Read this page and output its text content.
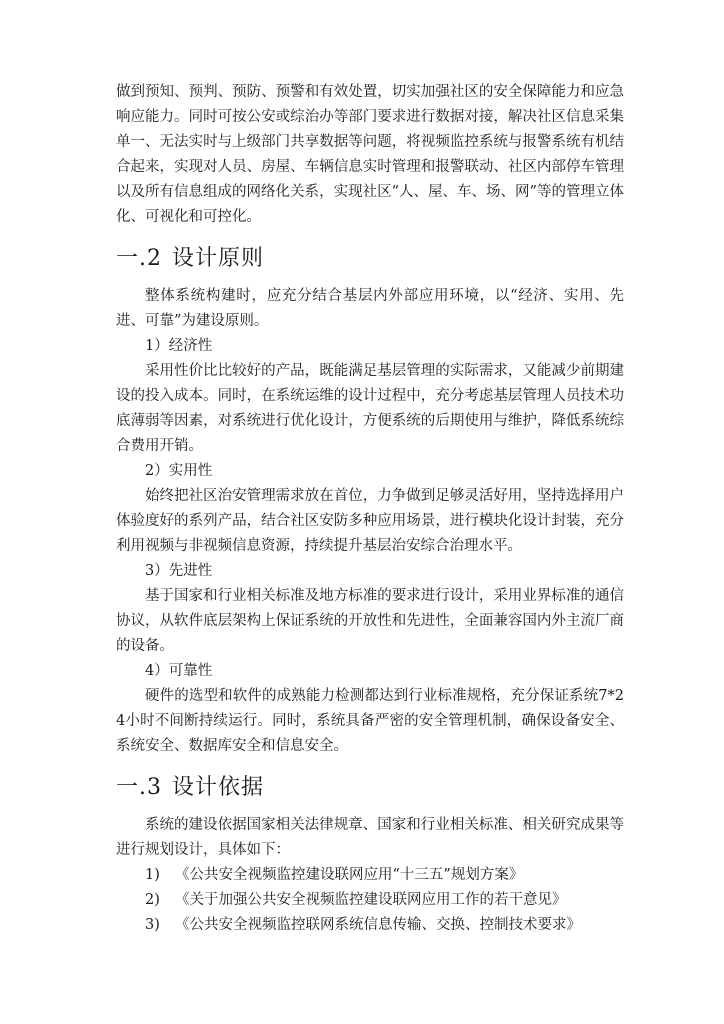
做到预知、预判、预防、预警和有效处置，切实加强社区的安全保障能力和应急响应能力。同时可按公安或综治办等部门要求进行数据对接，解决社区信息采集单一、无法实时与上级部门共享数据等问题，将视频监控系统与报警系统有机结合起来，实现对人员、房屋、车辆信息实时管理和报警联动、社区内部停车管理以及所有信息组成的网络化关系，实现社区“人、屋、车、场、网”等的管理立体化、可视化和可控化。

一.2 设计原则

整体系统构建时，应充分结合基层内外部应用环境，以“经济、实用、先进、可靠”为建设原则。

1）经济性

采用性价比比较好的产品，既能满足基层管理的实际需求，又能减少前期建设的投入成本。同时，在系统运维的设计过程中，充分考虑基层管理人员技术功底薄弱等因素，对系统进行优化设计，方便系统的后期使用与维护，降低系统综合费用开销。

2）实用性

始终把社区治安管理需求放在首位，力争做到足够灵活好用，坚持选择用户体验度好的系列产品，结合社区安防多种应用场景，进行模块化设计封装，充分利用视频与非视频信息资源，持续提升基层治安综合治理水平。

3）先进性

基于国家和行业相关标准及地方标准的要求进行设计，采用业界标准的通信协议，从软件底层架构上保证系统的开放性和先进性，全面兼容国内外主流厂商的设备。

4）可靠性

硬件的选型和软件的成熟能力检测都达到行业标准规格，充分保证系统7*24小时不间断持续运行。同时，系统具备严密的安全管理机制，确保设备安全、系统安全、数据库安全和信息安全。

一.3 设计依据

系统的建设依据国家相关法律规章、国家和行业相关标准、相关研究成果等进行规划设计，具体如下：

1) 《公共安全视频监控建设联网应用“十三五”规划方案》

2) 《关于加强公共安全视频监控建设联网应用工作的若干意见》

3) 《公共安全视频监控联网系统信息传输、交换、控制技术要求》
